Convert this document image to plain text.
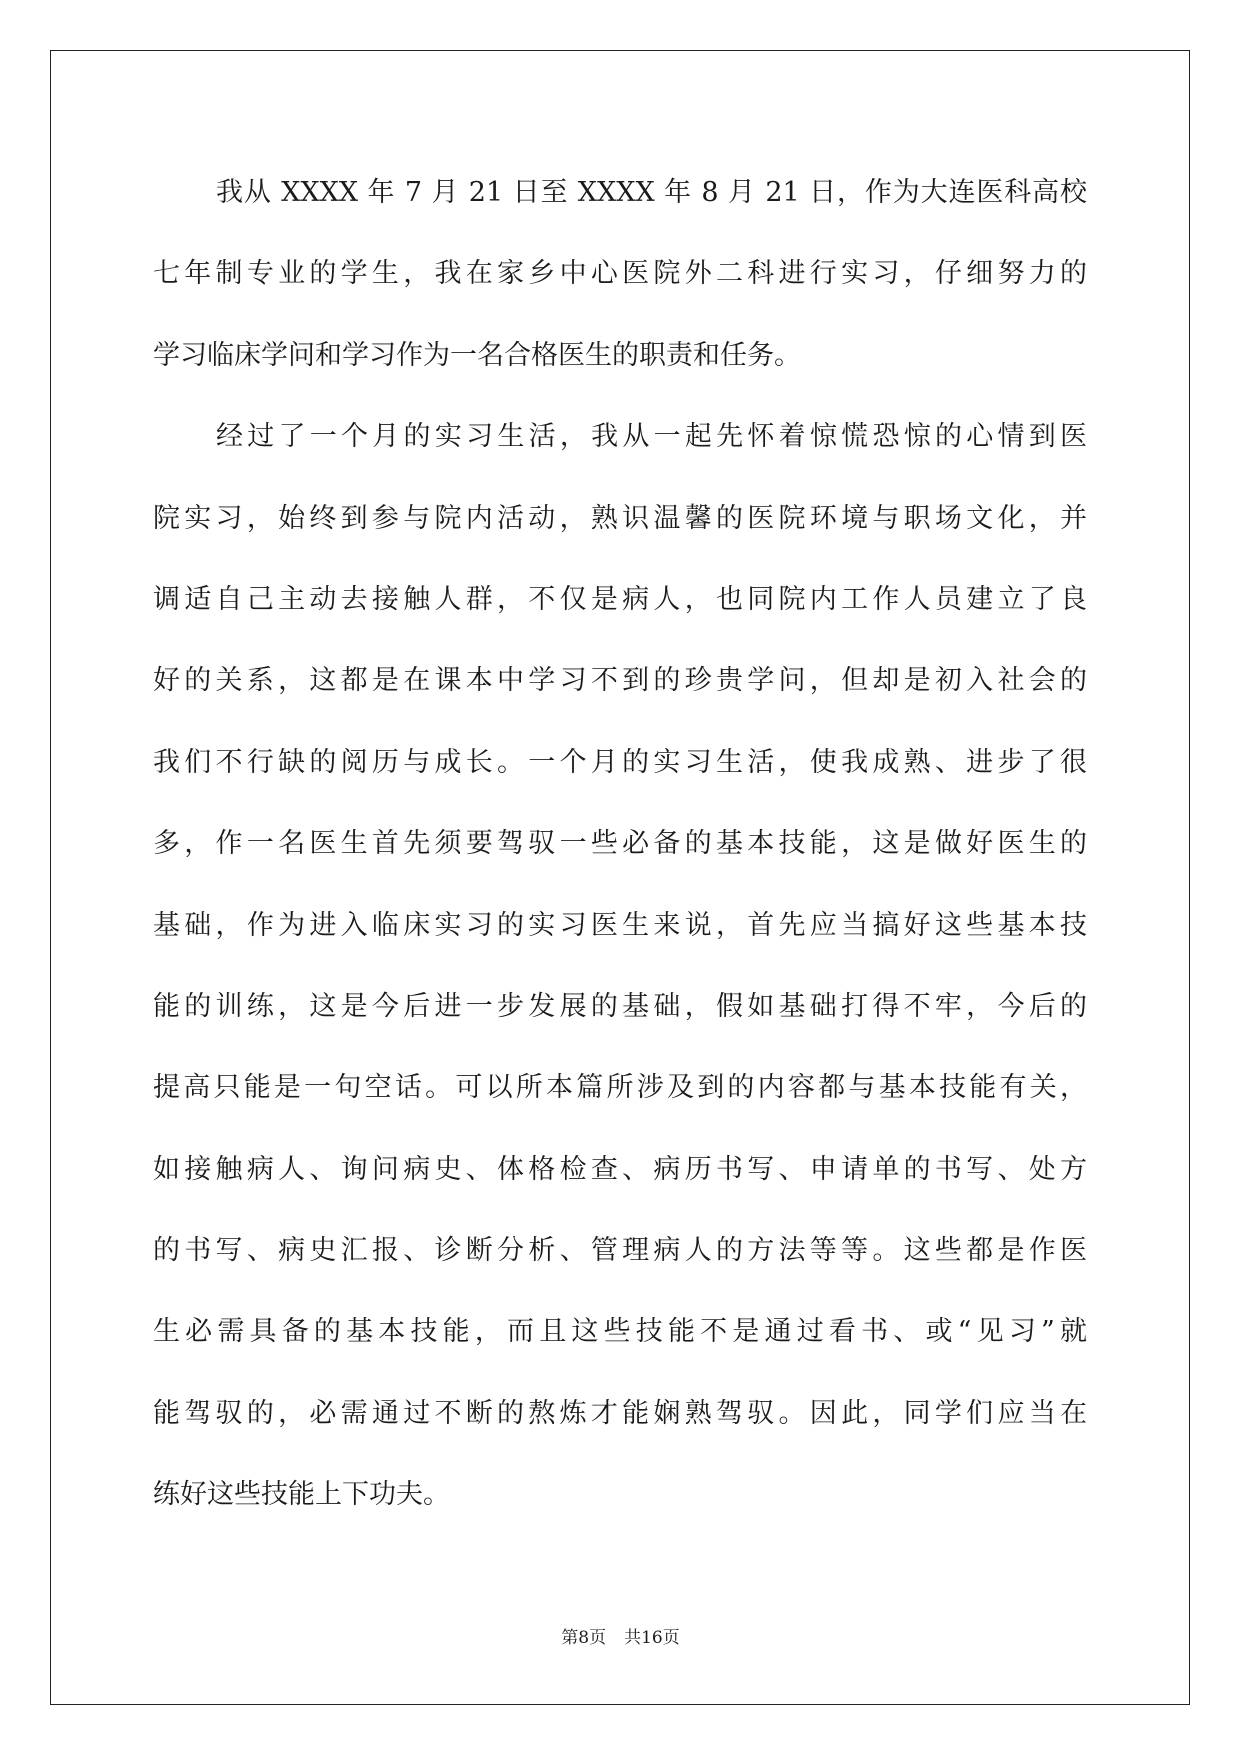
我从 XXXX 年 7 月 21 日至 XXXX 年 8 月 21 日，作为大连医科高校
七年制专业的学生，我在家乡中心医院外二科进行实习，仔细努力的
学习临床学问和学习作为一名合格医生的职责和任务。
经过了一个月的实习生活，我从一起先怀着惊慌恐惊的心情到医
院实习，始终到参与院内活动，熟识温馨的医院环境与职场文化，并
调适自己主动去接触人群，不仅是病人，也同院内工作人员建立了良
好的关系，这都是在课本中学习不到的珍贵学问，但却是初入社会的
我们不行缺的阅历与成长。一个月的实习生活，使我成熟、进步了很
多，作一名医生首先须要驾驭一些必备的基本技能，这是做好医生的
基础，作为进入临床实习的实习医生来说，首先应当搞好这些基本技
能的训练，这是今后进一步发展的基础，假如基础打得不牢，今后的
提高只能是一句空话。可以所本篇所涉及到的内容都与基本技能有关，
如接触病人、询问病史、体格检查、病历书写、申请单的书写、处方
的书写、病史汇报、诊断分析、管理病人的方法等等。这些都是作医
生必需具备的基本技能，而且这些技能不是通过看书、或“见习”就
能驾驭的，必需通过不断的熬炼才能娴熟驾驭。因此，同学们应当在
练好这些技能上下功夫。
第8页 共16页
